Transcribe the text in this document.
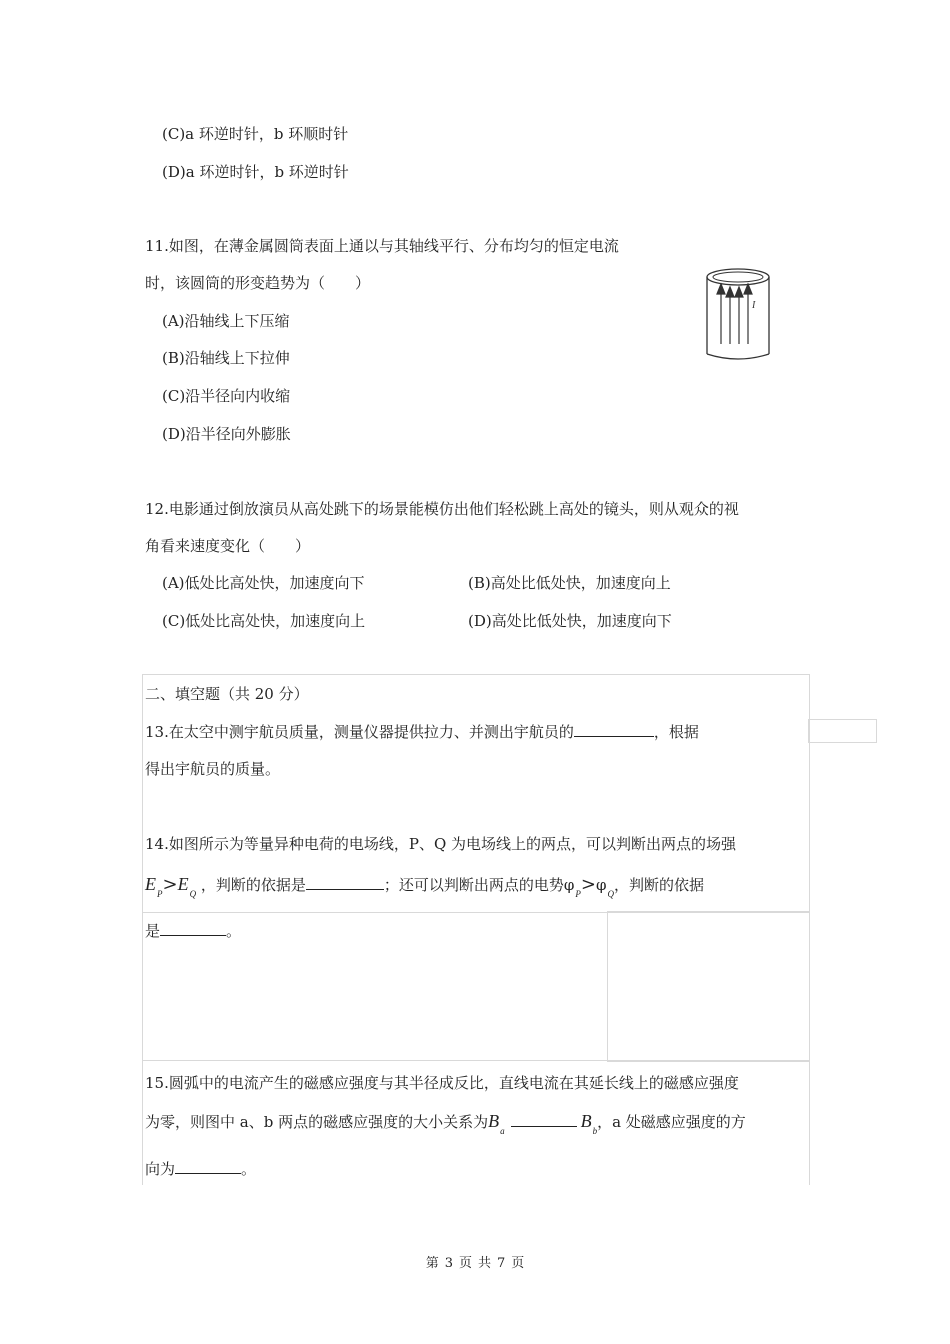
(C)a 环逆时针，b 环顺时针
(D)a 环逆时针，b 环逆时针
11.如图，在薄金属圆筒表面上通以与其轴线平行、分布均匀的恒定电流
时，该圆筒的形变趋势为（　　）
(A)沿轴线上下压缩
(B)沿轴线上下拉伸
(C)沿半径向内收缩
(D)沿半径向外膨胀
I
12.电影通过倒放演员从高处跳下的场景能模仿出他们轻松跳上高处的镜头，则从观众的视
角看来速度变化（　　）
(A)低处比高处快，加速度向下	(B)高处比低处快，加速度向上
(C)低处比高处快，加速度向上	(D)高处比低处快，加速度向下
二、填空题（共 20 分）
13.在太空中测宇航员质量，测量仪器提供拉力、并测出宇航员的	，根据
得出宇航员的质量。
14.如图所示为等量异种电荷的电场线，P、Q 为电场线上的两点，可以判断出两点的场强
$E_P>E_Q$ ，判断的依据是	；还可以判断出两点的电势$\varphi_P>\varphi_Q$，判断的依据
是	。
15.圆弧中的电流产生的磁感应强度与其半径成反比，直线电流在其延长线上的磁感应强度
为零，则图中 a、b 两点的磁感应强度的大小关系为$B_a$	$B_b$，a 处磁感应强度的方
向为	。
第 3 页 共 7 页
